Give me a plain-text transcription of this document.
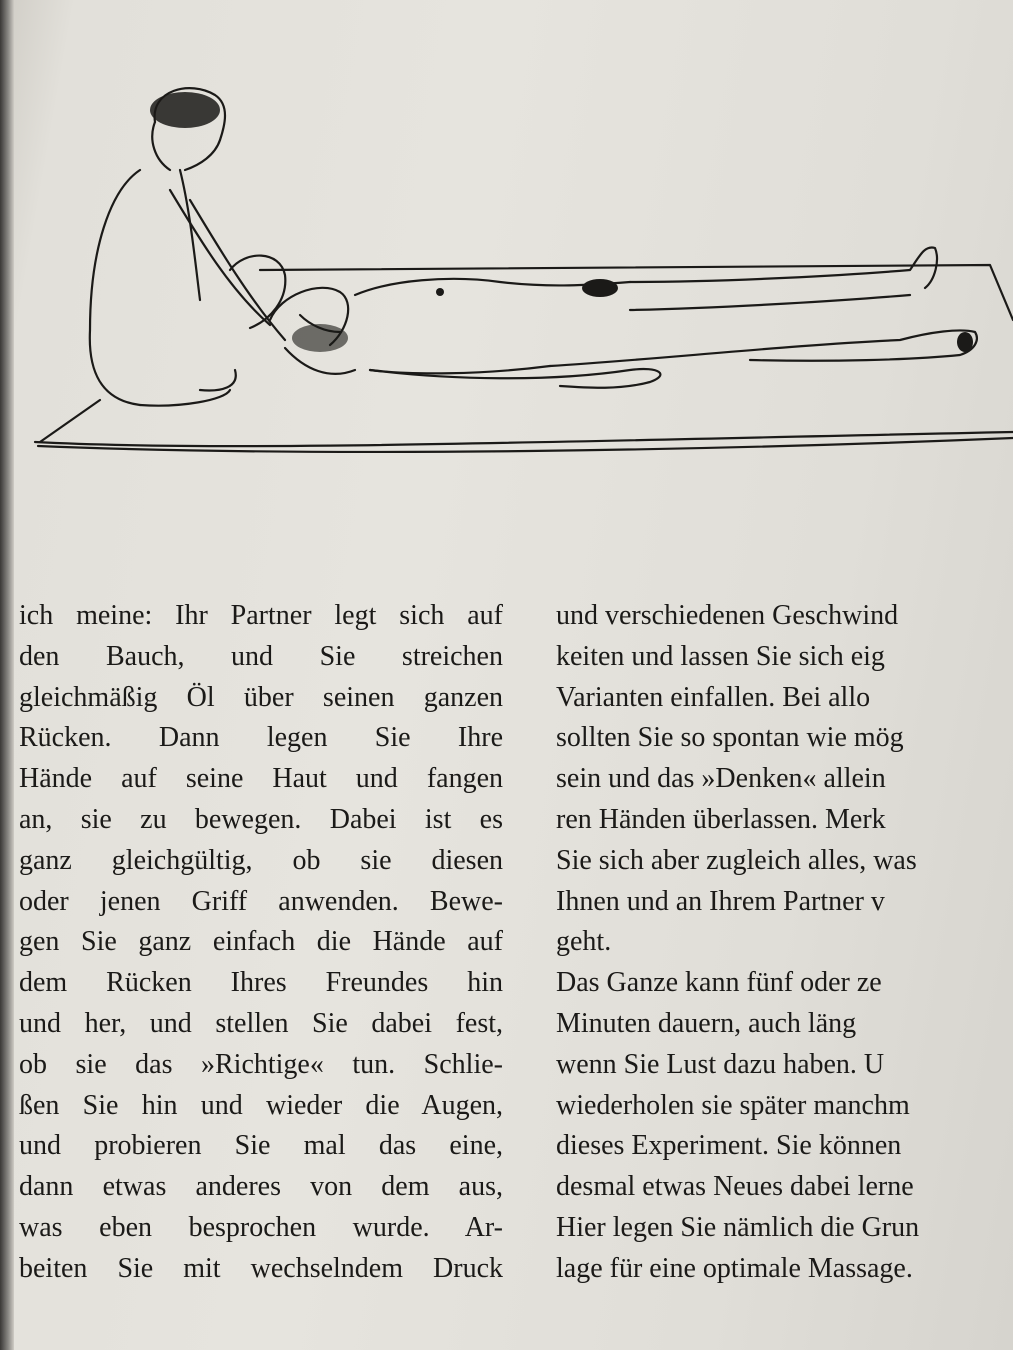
ich meine: Ihr Partner legt sich auf
den Bauch, und Sie streichen
gleichmäßig Öl über seinen ganzen
Rücken. Dann legen Sie Ihre
Hände auf seine Haut und fangen
an, sie zu bewegen. Dabei ist es
ganz gleichgültig, ob sie diesen
oder jenen Griff anwenden. Bewe-
gen Sie ganz einfach die Hände auf
dem Rücken Ihres Freundes hin
und her, und stellen Sie dabei fest,
ob sie das »Richtige« tun. Schlie-
ßen Sie hin und wieder die Augen,
und probieren Sie mal das eine,
dann etwas anderes von dem aus,
was eben besprochen wurde. Ar-
beiten Sie mit wechselndem Druck
und verschiedenen Geschwind
keiten und lassen Sie sich eig
Varianten einfallen. Bei allo
sollten Sie so spontan wie mög
sein und das »Denken« allein
ren Händen überlassen. Merk
Sie sich aber zugleich alles, was
Ihnen und an Ihrem Partner v
geht.
Das Ganze kann fünf oder ze
Minuten dauern, auch läng
wenn Sie Lust dazu haben. U
wiederholen sie später manchm
dieses Experiment. Sie können
desmal etwas Neues dabei lerne
Hier legen Sie nämlich die Grun
lage für eine optimale Massage.
